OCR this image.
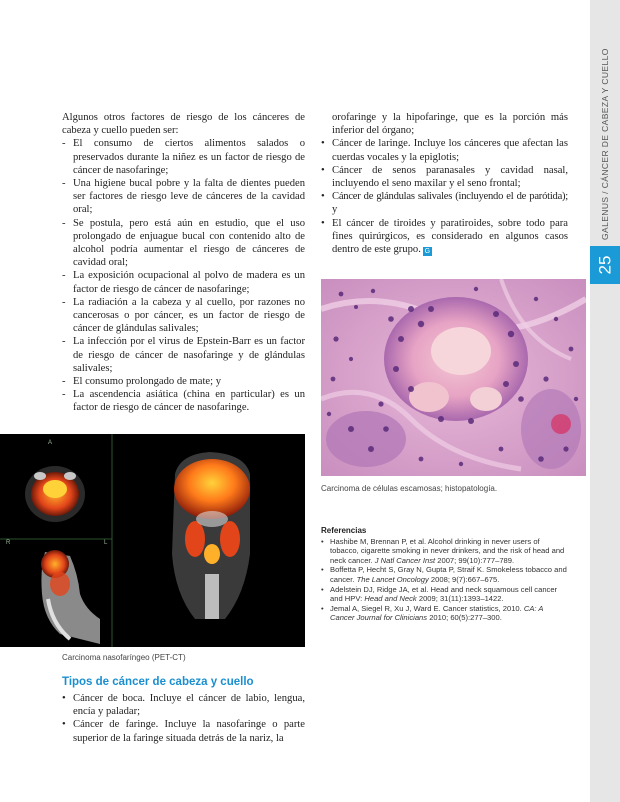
GALENUS / CÁNCER DE CABEZA Y CUELLO
25

Algunos otros factores de riesgo de los cánceres de cabeza y cuello pueden ser:

- El consumo de ciertos alimentos salados o preservados durante la niñez es un factor de riesgo de cáncer de nasofaringe;
- Una higiene bucal pobre y la falta de dientes pueden ser factores de riesgo leve de cánceres de la cavidad oral;
- Se postula, pero está aún en estudio, que el uso prolongado de enjuague bucal con contenido alto de alcohol podría aumentar el riesgo de cánceres de cavidad oral;
- La exposición ocupacional al polvo de madera es un factor de riesgo de cáncer de nasofaringe;
- La radiación a la cabeza y al cuello, por razones no cancerosas o por cáncer, es un factor de riesgo de cáncer de glándulas salivales;
- La infección por el virus de Epstein-Barr es un factor de riesgo de cáncer de nasofaringe y de glándulas salivales;
- El consumo prolongado de mate; y
- La ascendencia asiática (china en particular) es un factor de riesgo de cáncer de nasofaringe.

orofaringe y la hipofaringe, que es la porción más inferior del órgano;

• Cáncer de laringe. Incluye los cánceres que afectan las cuerdas vocales y la epiglotis;
• Cáncer de senos paranasales y cavidad nasal, incluyendo el seno maxilar y el seno frontal;
• Cáncer de glándulas salivales (incluyendo el de parótida); y
• El cáncer de tiroides y paratiroides, sobre todo para fines quirúrgicos, es considerado en algunos casos dentro de este grupo. G
Carcinoma de células escamosas; histopatología.
A
R	L
Carcinoma nasofaríngeo (PET-CT)
Tipos de cáncer de cabeza y cuello
• Cáncer de boca. Incluye el cáncer de labio, lengua, encía y paladar;
• Cáncer de faringe. Incluye la nasofaringe o parte superior de la faringe situada detrás de la nariz, la
Referencias
• Hashibe M, Brennan P, et al. Alcohol drinking in never users of tobacco, cigarette smoking in never drinkers, and the risk of head and neck cancer. J Natl Cancer Inst 2007; 99(10):777–789.
• Boffetta P, Hecht S, Gray N, Gupta P, Straif K. Smokeless tobacco and cancer. The Lancet Oncology 2008; 9(7):667–675.
• Adelstein DJ, Ridge JA, et al. Head and neck squamous cell cancer and HPV: Head and Neck 2009; 31(11):1393–1422.
• Jemal A, Siegel R, Xu J, Ward E. Cancer statistics, 2010. CA: A Cancer Journal for Clinicians 2010; 60(5):277–300.
